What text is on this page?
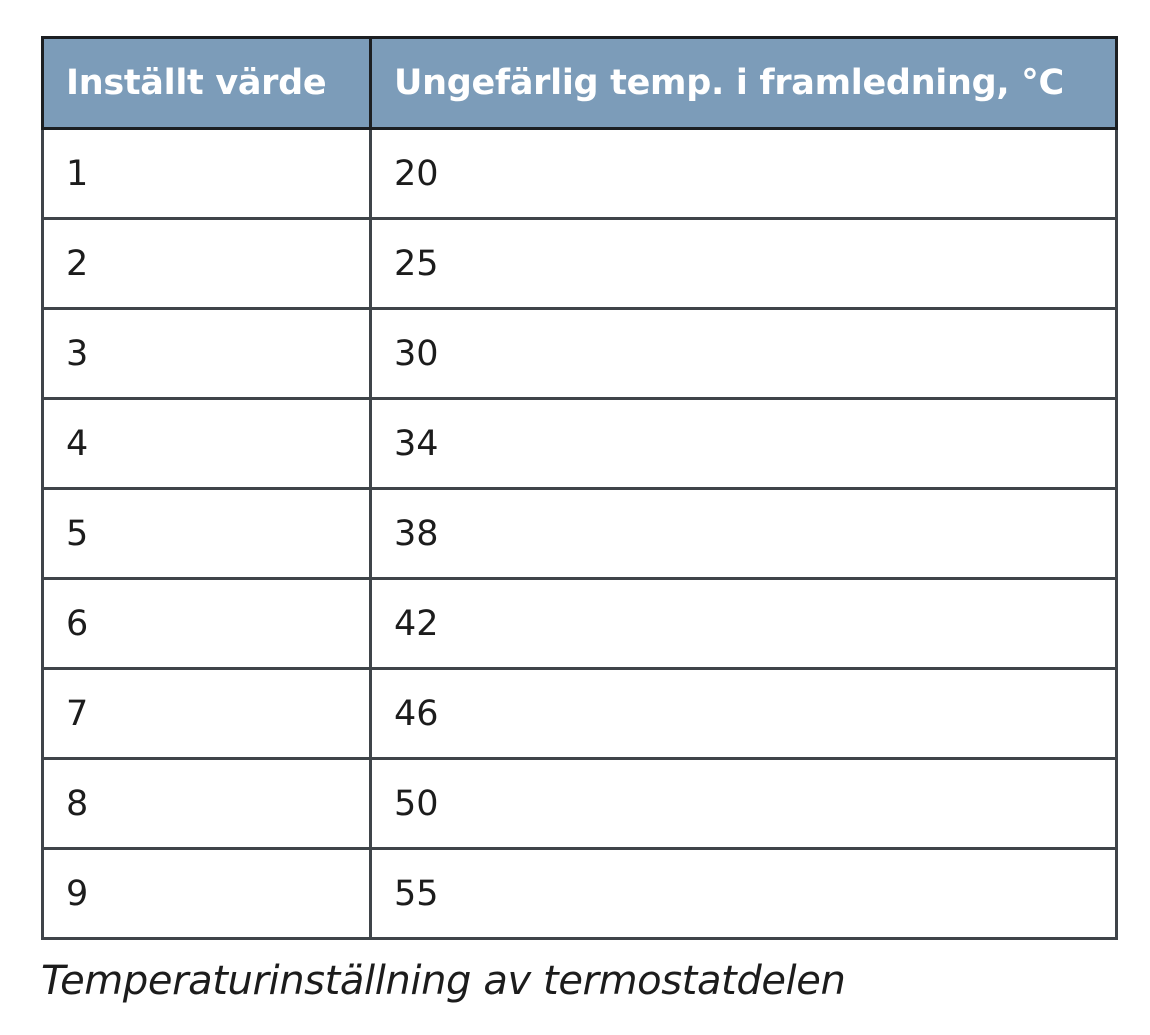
Inställt värde	Ungefärlig temp. i framledning, °C
1	20
2	25
3	30
4	34
5	38
6	42
7	46
8	50
9	55
Temperaturinställning av termostatdelen
